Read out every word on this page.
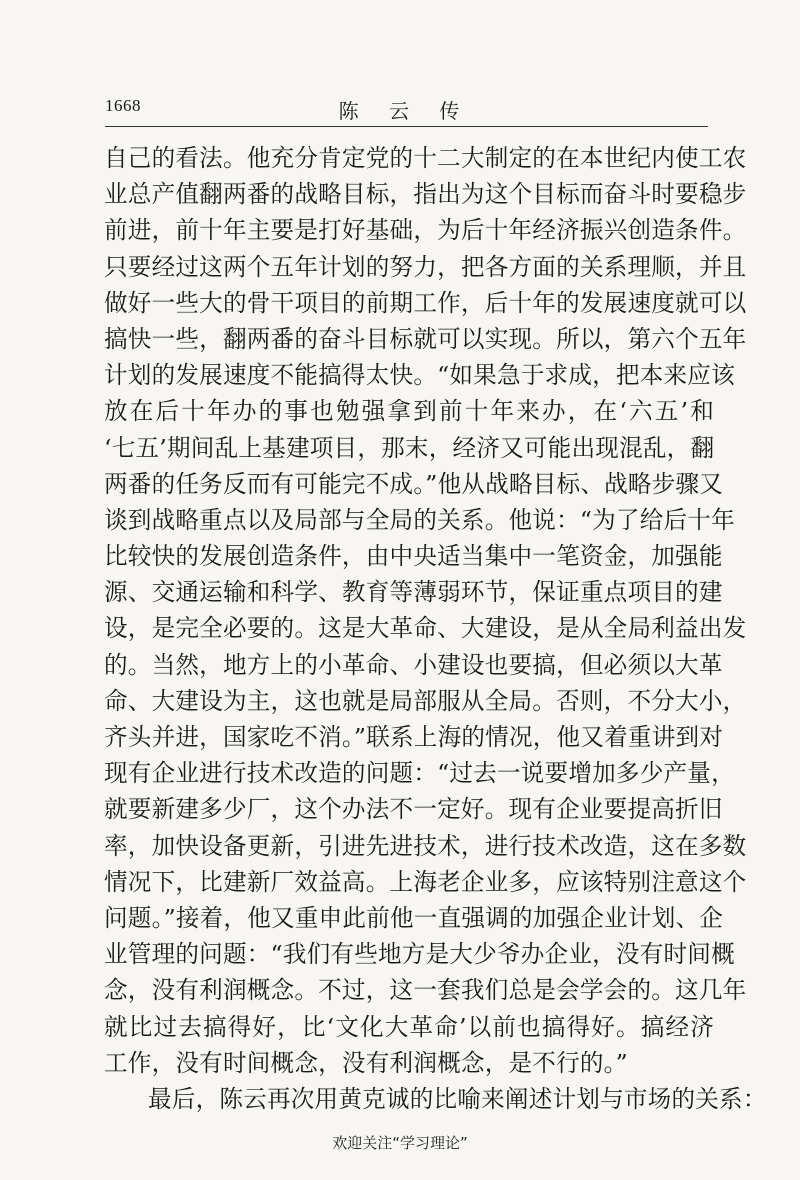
1668	陈 云 传
自己的看法。他充分肯定党的十二大制定的在本世纪内使工农
业总产值翻两番的战略目标，指出为这个目标而奋斗时要稳步
前进，前十年主要是打好基础，为后十年经济振兴创造条件。
只要经过这两个五年计划的努力，把各方面的关系理顺，并且
做好一些大的骨干项目的前期工作，后十年的发展速度就可以
搞快一些，翻两番的奋斗目标就可以实现。所以，第六个五年
计划的发展速度不能搞得太快。“如果急于求成，把本来应该
放在后十年办的事也勉强拿到前十年来办，在‘六五’和
‘七五’期间乱上基建项目，那末，经济又可能出现混乱，翻
两番的任务反而有可能完不成。”他从战略目标、战略步骤又
谈到战略重点以及局部与全局的关系。他说：“为了给后十年
比较快的发展创造条件，由中央适当集中一笔资金，加强能
源、交通运输和科学、教育等薄弱环节，保证重点项目的建
设，是完全必要的。这是大革命、大建设，是从全局利益出发
的。当然，地方上的小革命、小建设也要搞，但必须以大革
命、大建设为主，这也就是局部服从全局。否则，不分大小，
齐头并进，国家吃不消。”联系上海的情况，他又着重讲到对
现有企业进行技术改造的问题：“过去一说要增加多少产量，
就要新建多少厂，这个办法不一定好。现有企业要提高折旧
率，加快设备更新，引进先进技术，进行技术改造，这在多数
情况下，比建新厂效益高。上海老企业多，应该特别注意这个
问题。”接着，他又重申此前他一直强调的加强企业计划、企
业管理的问题：“我们有些地方是大少爷办企业，没有时间概
念，没有利润概念。不过，这一套我们总是会学会的。这几年
就比过去搞得好，比‘文化大革命’以前也搞得好。搞经济
工作，没有时间概念，没有利润概念，是不行的。”
最后，陈云再次用黄克诚的比喻来阐述计划与市场的关系：
欢迎关注“学习理论”
